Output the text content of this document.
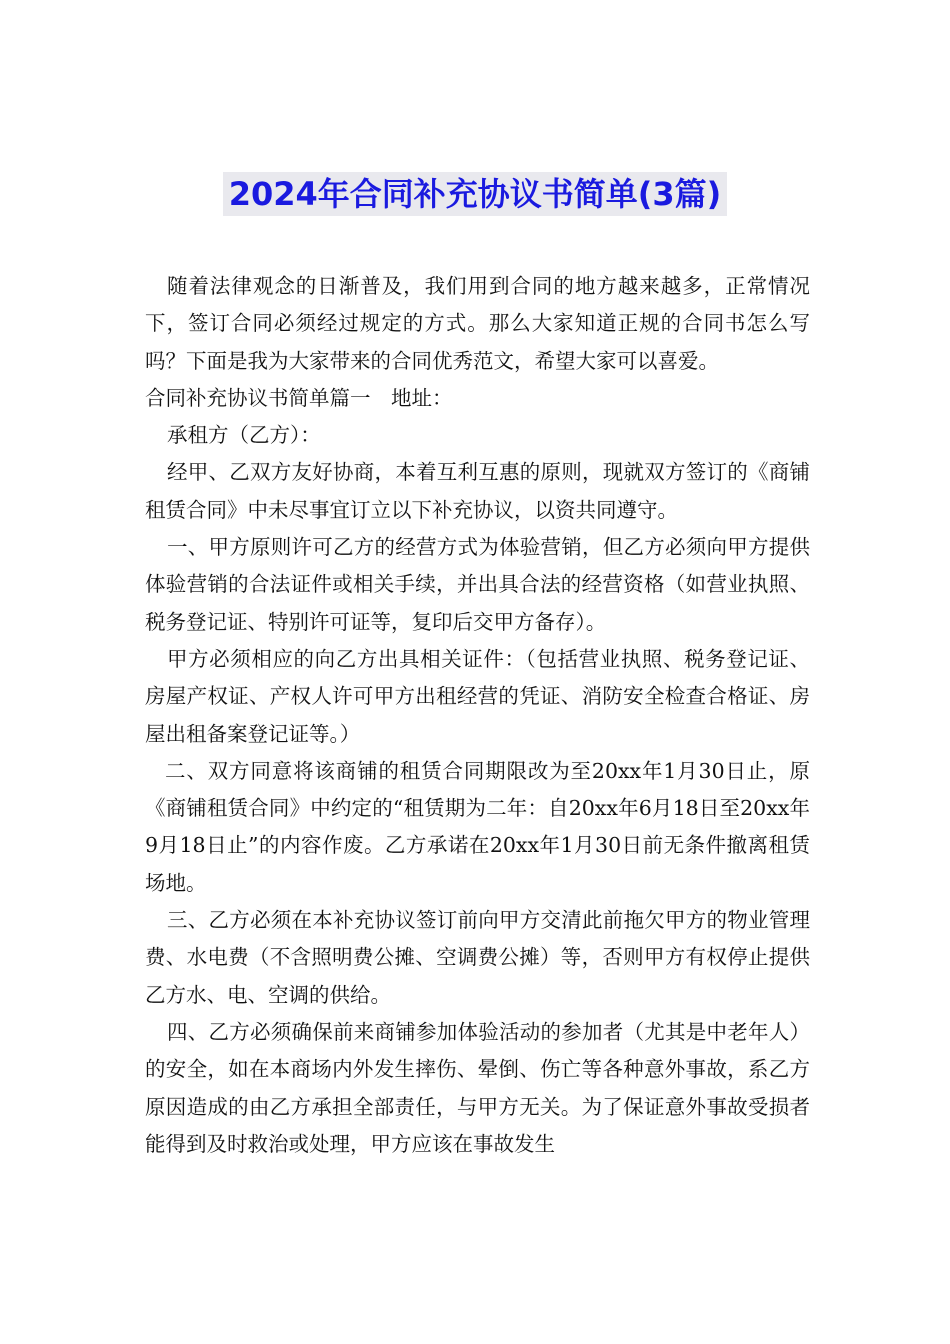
2024年合同补充协议书简单(3篇)

随着法律观念的日渐普及，我们用到合同的地方越来越多，正常情况下，签订合同必须经过规定的方式。那么大家知道正规的合同书怎么写吗？下面是我为大家带来的合同优秀范文，希望大家可以喜爱。

合同补充协议书简单篇一　地址：

承租方（乙方）：

经甲、乙双方友好协商，本着互利互惠的原则，现就双方签订的《商铺租赁合同》中未尽事宜订立以下补充协议，以资共同遵守。

一、甲方原则许可乙方的经营方式为体验营销，但乙方必须向甲方提供体验营销的合法证件或相关手续，并出具合法的经营资格（如营业执照、税务登记证、特别许可证等，复印后交甲方备存）。

甲方必须相应的向乙方出具相关证件：（包括营业执照、税务登记证、房屋产权证、产权人许可甲方出租经营的凭证、消防安全检查合格证、房屋出租备案登记证等。）

二、双方同意将该商铺的租赁合同期限改为至20xx年1月30日止，原《商铺租赁合同》中约定的“租赁期为二年：自20xx年6月18日至20xx年9月18日止”的内容作废。乙方承诺在20xx年1月30日前无条件撤离租赁场地。

三、乙方必须在本补充协议签订前向甲方交清此前拖欠甲方的物业管理费、水电费（不含照明费公摊、空调费公摊）等，否则甲方有权停止提供乙方水、电、空调的供给。

四、乙方必须确保前来商铺参加体验活动的参加者（尤其是中老年人）的安全，如在本商场内外发生摔伤、晕倒、伤亡等各种意外事故，系乙方原因造成的由乙方承担全部责任，与甲方无关。为了保证意外事故受损者能得到及时救治或处理，甲方应该在事故发生
